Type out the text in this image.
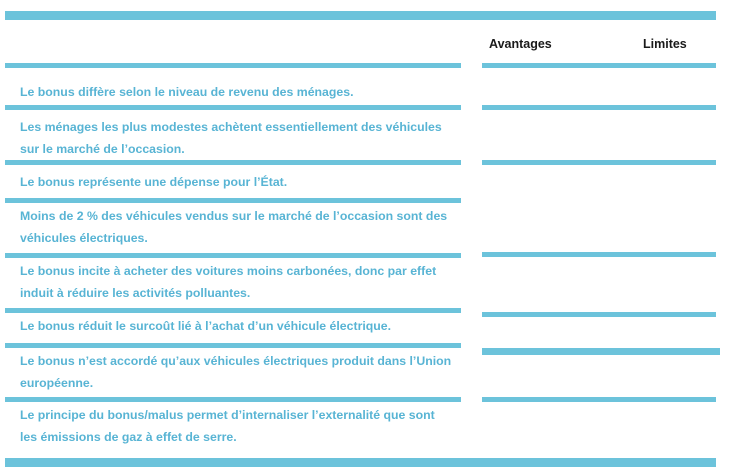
Avantages	Limites

Le bonus diffère selon le niveau de revenu des ménages.

Les ménages les plus modestes achètent essentiellement des véhicules sur le marché de l’occasion.

Le bonus représente une dépense pour l’État.

Moins de 2 % des véhicules vendus sur le marché de l’occasion sont des véhicules électriques.

Le bonus incite à acheter des voitures moins carbonées, donc par effet induit à réduire les activités polluantes.

Le bonus réduit le surcoût lié à l’achat d’un véhicule électrique.

Le bonus n’est accordé qu’aux véhicules électriques produit dans l’Union européenne.

Le principe du bonus/malus permet d’internaliser l’externalité que sont les émissions de gaz à effet de serre.
